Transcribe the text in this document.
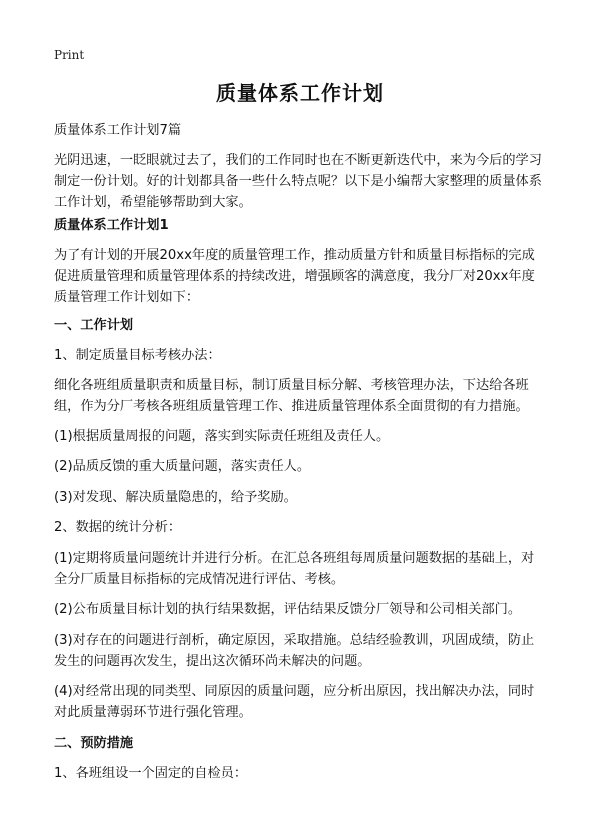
Print
质量体系工作计划

质量体系工作计划7篇

光阴迅速，一眨眼就过去了，我们的工作同时也在不断更新迭代中，来为今后的学习制定一份计划。好的计划都具备一些什么特点呢？以下是小编帮大家整理的质量体系工作计划，希望能够帮助到大家。

质量体系工作计划1

为了有计划的开展20xx年度的质量管理工作，推动质量方针和质量目标指标的完成促进质量管理和质量管理体系的持续改进，增强顾客的满意度，我分厂对20xx年度质量管理工作计划如下：

一、工作计划

1、制定质量目标考核办法：

细化各班组质量职责和质量目标，制订质量目标分解、考核管理办法，下达给各班组，作为分厂考核各班组质量管理工作、推进质量管理体系全面贯彻的有力措施。

(1)根据质量周报的问题，落实到实际责任班组及责任人。

(2)品质反馈的重大质量问题，落实责任人。

(3)对发现、解决质量隐患的，给予奖励。

2、数据的统计分析：

(1)定期将质量问题统计并进行分析。在汇总各班组每周质量问题数据的基础上，对全分厂质量目标指标的完成情况进行评估、考核。

(2)公布质量目标计划的执行结果数据，评估结果反馈分厂领导和公司相关部门。

(3)对存在的问题进行剖析，确定原因，采取措施。总结经验教训，巩固成绩，防止发生的问题再次发生，提出这次循环尚未解决的问题。

(4)对经常出现的同类型、同原因的质量问题，应分析出原因，找出解决办法，同时对此质量薄弱环节进行强化管理。

二、预防措施

1、各班组设一个固定的自检员：
